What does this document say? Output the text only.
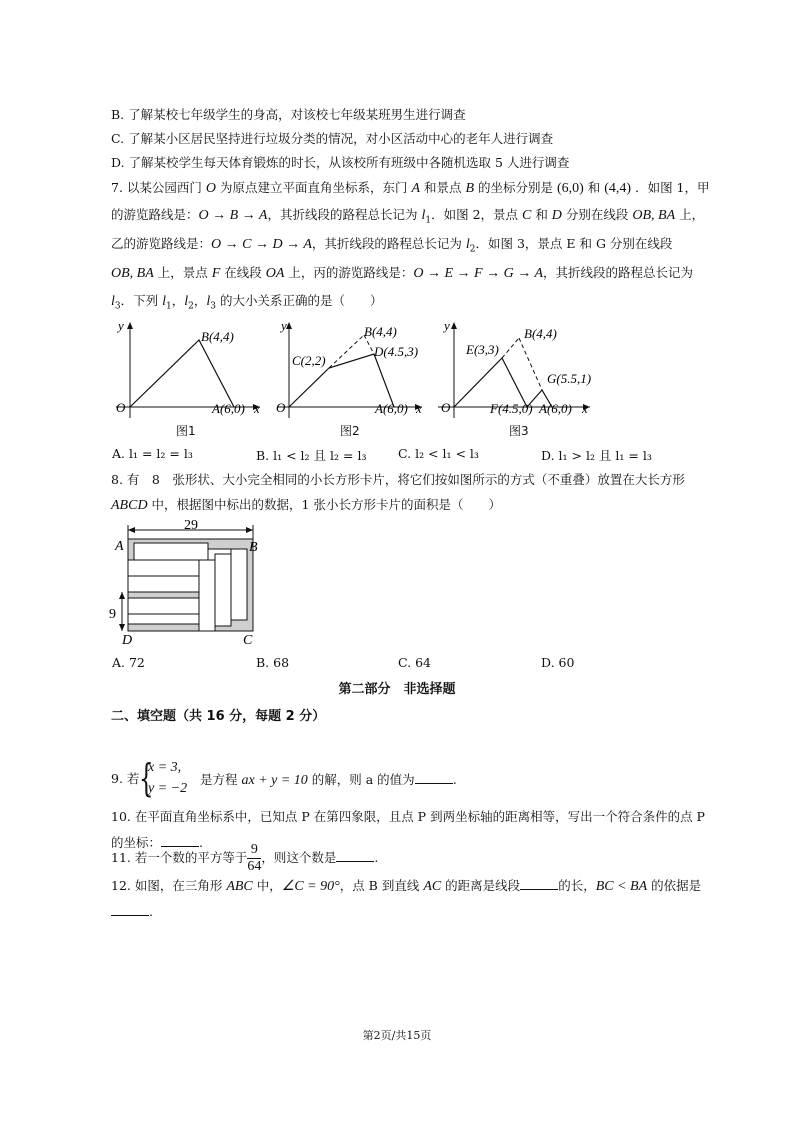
B. 了解某校七年级学生的身高，对该校七年级某班男生进行调查
C. 了解某小区居民坚持进行垃圾分类的情况，对小区活动中心的老年人进行调查
D. 了解某校学生每天体育锻炼的时长，从该校所有班级中各随机选取 5 人进行调查
7. 以某公园西门 O 为原点建立平面直角坐标系，东门 A 和景点 B 的坐标分别是 (6,0) 和 (4,4) ．如图 1，甲
的游览路线是：O → B → A，其折线段的路程总长记为 $l_1$．如图 2，景点 C 和 D 分别在线段 OB, BA 上，
乙的游览路线是：O → C → D → A，其折线段的路程总长记为 $l_2$．如图 3，景点 E 和 G 分别在线段
OB, BA 上，景点 F 在线段 OA 上，丙的游览路线是：O → E → F → G → A，其折线段的路程总长记为
$l_3$．下列 $l_1$，$l_2$，$l_3$ 的大小关系正确的是（　　）
y
x
O
B(4,4)
A(6,0)
图1
y
x
O
B(4,4)
C(2,2)
D(4.5,3)
A(6,0)
图2
y
x
O
B(4,4)
E(3,3)
G(5.5,1)
F(4.5,0) A(6,0)
图3
A. l₁ = l₂ = l₃	B. l₁ < l₂ 且 l₂ = l₃	C. l₂ < l₁ < l₃	D. l₁ > l₂ 且 l₁ = l₃
8. 有　8　张形状、大小完全相同的小长方形卡片，将它们按如图所示的方式（不重叠）放置在大长方形
ABCD 中，根据图中标出的数据，1 张小长方形卡片的面积是（　　）
29
9
A	B
D	C
A. 72	B. 68	C. 64	D. 60
第二部分　非选择题
二、填空题（共 16 分，每题 2 分）
9. 若 {
x = 3,
y = −2
是方程 ax + y = 10 的解，则 a 的值为	.
10. 在平面直角坐标系中，已知点 P 在第四象限，且点 P 到两坐标轴的距离相等，写出一个符合条件的点 P
的坐标：	.
11. 若一个数的平方等于 $\frac{9}{64}$ ，则这个数是	.
12. 如图，在三角形 ABC 中，∠C = 90°，点 B 到直线 AC 的距离是线段	的长，BC < BA 的依据是
.
第2页/共15页
